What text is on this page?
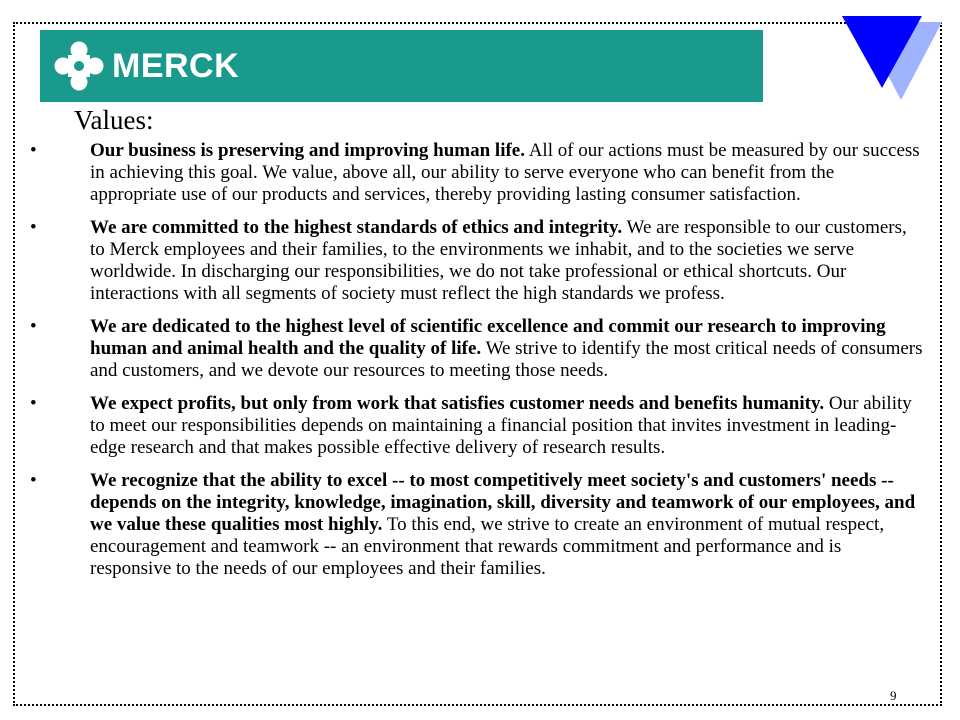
MERCK
Values:
•	Our business is preserving and improving human life. All of our actions must be measured by our success in achieving this goal. We value, above all, our ability to serve everyone who can benefit from the appropriate use of our products and services, thereby providing lasting consumer satisfaction.
•	We are committed to the highest standards of ethics and integrity. We are responsible to our customers, to Merck employees and their families, to the environments we inhabit, and to the societies we serve worldwide. In discharging our responsibilities, we do not take professional or ethical shortcuts. Our interactions with all segments of society must reflect the high standards we profess.
•	We are dedicated to the highest level of scientific excellence and commit our research to improving human and animal health and the quality of life. We strive to identify the most critical needs of consumers and customers, and we devote our resources to meeting those needs.
•	We expect profits, but only from work that satisfies customer needs and benefits humanity. Our ability to meet our responsibilities depends on maintaining a financial position that invites investment in leading-edge research and that makes possible effective delivery of research results.
•	We recognize that the ability to excel -- to most competitively meet society's and customers' needs -- depends on the integrity, knowledge, imagination, skill, diversity and teamwork of our employees, and we value these qualities most highly. To this end, we strive to create an environment of mutual respect, encouragement and teamwork -- an environment that rewards commitment and performance and is responsive to the needs of our employees and their families.
9
